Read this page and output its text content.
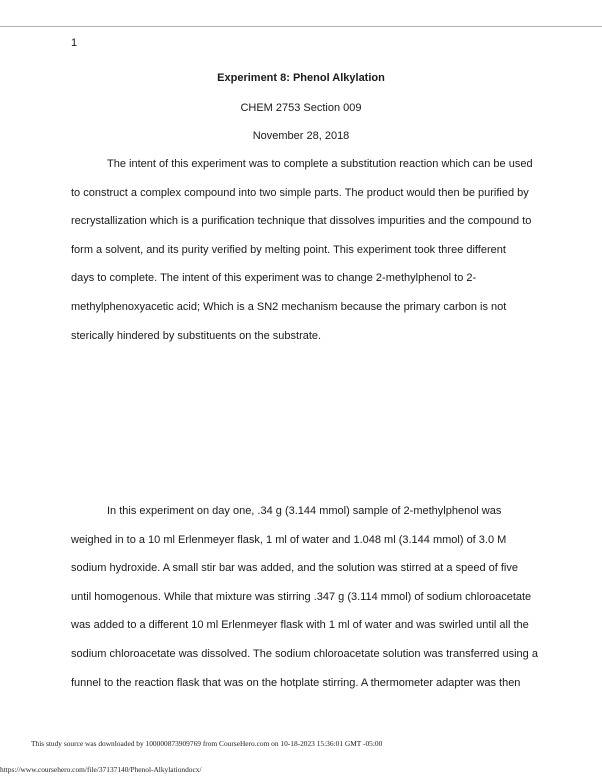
1
Experiment 8: Phenol Alkylation
CHEM 2753 Section 009
November 28, 2018
The intent of this experiment was to complete a substitution reaction which can be used
to construct a complex compound into two simple parts. The product would then be purified by
recrystallization which is a purification technique that dissolves impurities and the compound to
form a solvent, and its purity verified by melting point. This experiment took three different
days to complete. The intent of this experiment was to change 2-methylphenol to 2-
methylphenoxyacetic acid; Which is a SN2 mechanism because the primary carbon is not
sterically hindered by substituents on the substrate.
In this experiment on day one, .34 g (3.144 mmol) sample of 2-methylphenol was
weighed in to a 10 ml Erlenmeyer flask, 1 ml of water and 1.048 ml (3.144 mmol) of 3.0 M
sodium hydroxide. A small stir bar was added, and the solution was stirred at a speed of five
until homogenous. While that mixture was stirring .347 g (3.114 mmol) of sodium chloroacetate
was added to a different 10 ml Erlenmeyer flask with 1 ml of water and was swirled until all the
sodium chloroacetate was dissolved. The sodium chloroacetate solution was transferred using a
funnel to the reaction flask that was on the hotplate stirring. A thermometer adapter was then
This study source was downloaded by 100000873909769 from CourseHero.com on 10-18-2023 15:36:01 GMT -05:00
https://www.coursehero.com/file/37137140/Phenol-Alkylationdocx/
